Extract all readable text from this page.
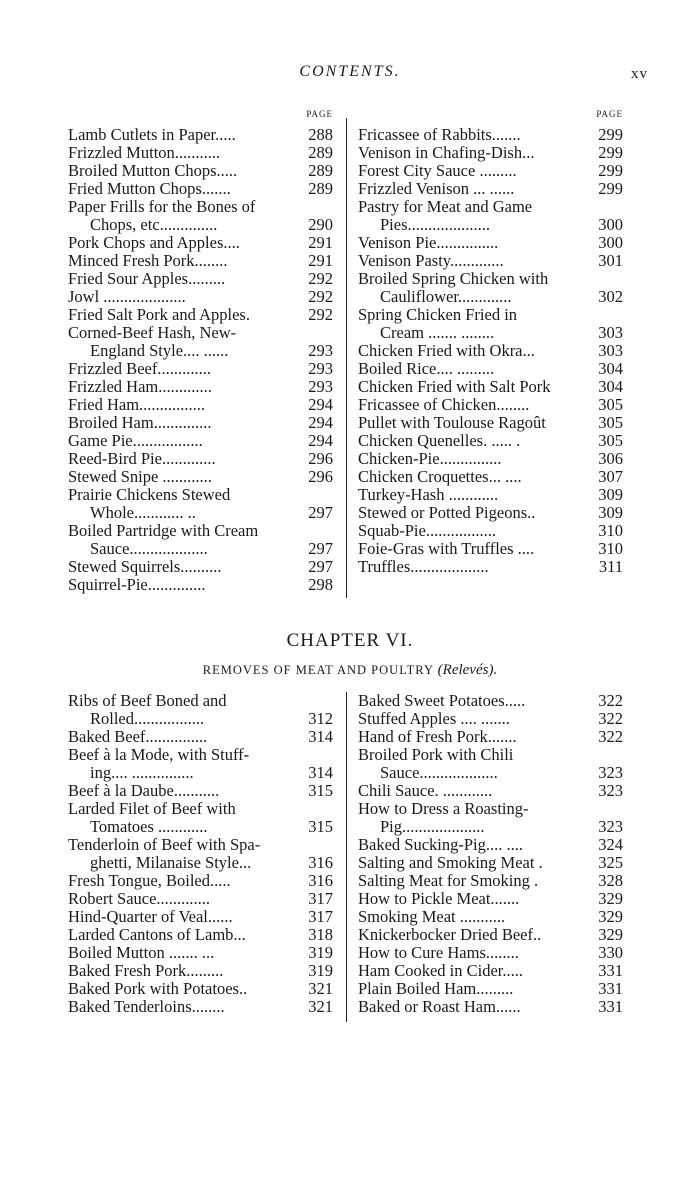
CONTENTS.	xv
PAGE
Lamb Cutlets in Paper.....	288
Frizzled Mutton...........	289
Broiled Mutton Chops.....	289
Fried Mutton Chops.......	289
Paper Frills for the Bones of
Chops, etc..............	290
Pork Chops and Apples....	291
Minced Fresh Pork........	291
Fried Sour Apples.........	292
Jowl ....................	292
Fried Salt Pork and Apples.	292
Corned-Beef Hash, New-
England Style.... ......	293
Frizzled Beef.............	293
Frizzled Ham.............	293
Fried Ham................	294
Broiled Ham..............	294
Game Pie.................	294
Reed-Bird Pie.............	296
Stewed Snipe ............	296
Prairie Chickens Stewed
Whole............ ..	297
Boiled Partridge with Cream
Sauce...................	297
Stewed Squirrels..........	297
Squirrel-Pie..............	298
PAGE
Fricassee of Rabbits.......	299
Venison in Chafing-Dish...	299
Forest City Sauce .........	299
Frizzled Venison ... ......	299
Pastry for Meat and Game
Pies....................	300
Venison Pie...............	300
Venison Pasty.............	301
Broiled Spring Chicken with
Cauliflower.............	302
Spring Chicken Fried in
Cream ....... ........	303
Chicken Fried with Okra...	303
Boiled Rice.... .........	304
Chicken Fried with Salt Pork	304
Fricassee of Chicken........	305
Pullet with Toulouse Ragoût	305
Chicken Quenelles. ..... .	305
Chicken-Pie...............	306
Chicken Croquettes... ....	307
Turkey-Hash ............	309
Stewed or Potted Pigeons..	309
Squab-Pie.................	310
Foie-Gras with Truffles ....	310
Truffles...................	311
CHAPTER VI.
REMOVES OF MEAT AND POULTRY (Relevés).
Ribs of Beef Boned and
Rolled.................	312
Baked Beef...............	314
Beef à la Mode, with Stuff-
ing.... ...............	314
Beef à la Daube...........	315
Larded Filet of Beef with
Tomatoes ............	315
Tenderloin of Beef with Spa-
ghetti, Milanaise Style...	316
Fresh Tongue, Boiled.....	316
Robert Sauce.............	317
Hind-Quarter of Veal......	317
Larded Cantons of Lamb...	318
Boiled Mutton ....... ...	319
Baked Fresh Pork.........	319
Baked Pork with Potatoes..	321
Baked Tenderloins........	321
Baked Sweet Potatoes.....	322
Stuffed Apples .... .......	322
Hand of Fresh Pork.......	322
Broiled Pork with Chili
Sauce...................	323
Chili Sauce. ............	323
How to Dress a Roasting-
Pig....................	323
Baked Sucking-Pig.... ....	324
Salting and Smoking Meat .	325
Salting Meat for Smoking .	328
How to Pickle Meat.......	329
Smoking Meat ...........	329
Knickerbocker Dried Beef..	329
How to Cure Hams........	330
Ham Cooked in Cider.....	331
Plain Boiled Ham.........	331
Baked or Roast Ham......	331
